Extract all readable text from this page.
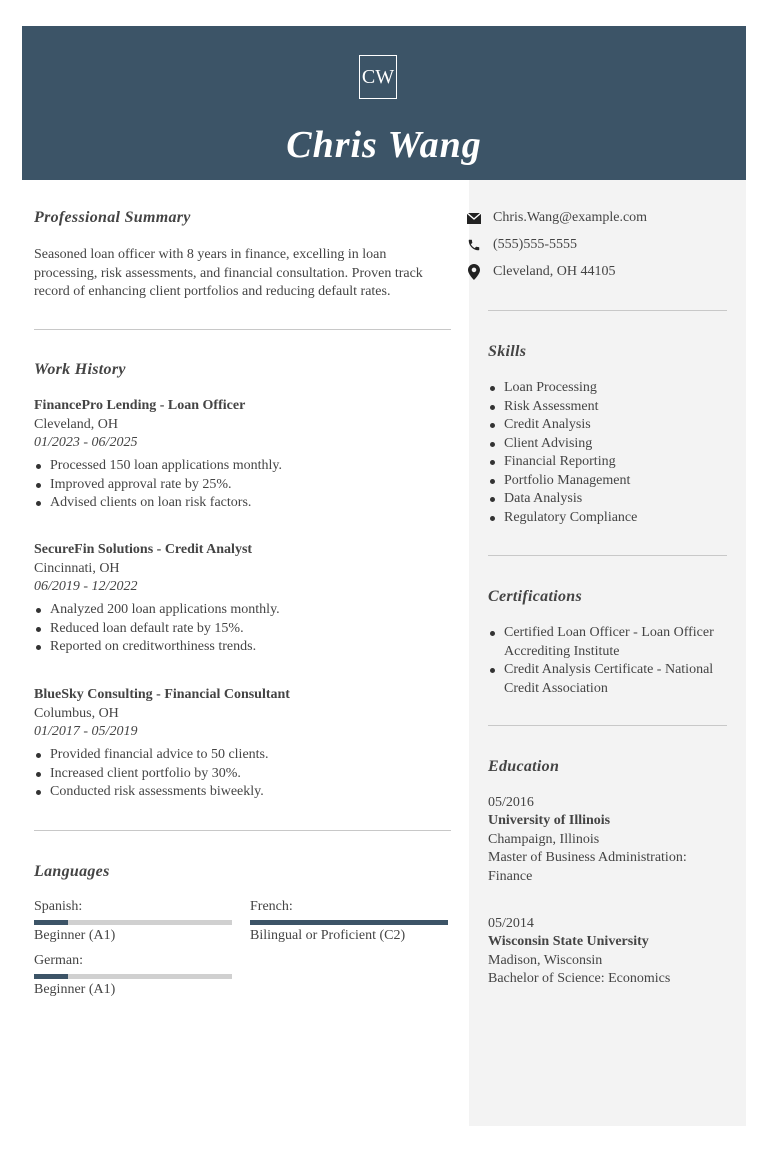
CW
Chris Wang
Professional Summary
Seasoned loan officer with 8 years in finance, excelling in loan processing, risk assessments, and financial consultation. Proven track record of enhancing client portfolios and reducing default rates.
Work History
FinancePro Lending - Loan Officer
Cleveland, OH
01/2023 - 06/2025
Processed 150 loan applications monthly.
Improved approval rate by 25%.
Advised clients on loan risk factors.
SecureFin Solutions - Credit Analyst
Cincinnati, OH
06/2019 - 12/2022
Analyzed 200 loan applications monthly.
Reduced loan default rate by 15%.
Reported on creditworthiness trends.
BlueSky Consulting - Financial Consultant
Columbus, OH
01/2017 - 05/2019
Provided financial advice to 50 clients.
Increased client portfolio by 30%.
Conducted risk assessments biweekly.
Languages
Spanish:
Beginner (A1)
French:
Bilingual or Proficient (C2)
German:
Beginner (A1)
Chris.Wang@example.com
(555)555-5555
Cleveland, OH 44105
Skills
Loan Processing
Risk Assessment
Credit Analysis
Client Advising
Financial Reporting
Portfolio Management
Data Analysis
Regulatory Compliance
Certifications
Certified Loan Officer - Loan Officer Accrediting Institute
Credit Analysis Certificate - National Credit Association
Education
05/2016
University of Illinois
Champaign, Illinois
Master of Business Administration: Finance
05/2014
Wisconsin State University
Madison, Wisconsin
Bachelor of Science: Economics
